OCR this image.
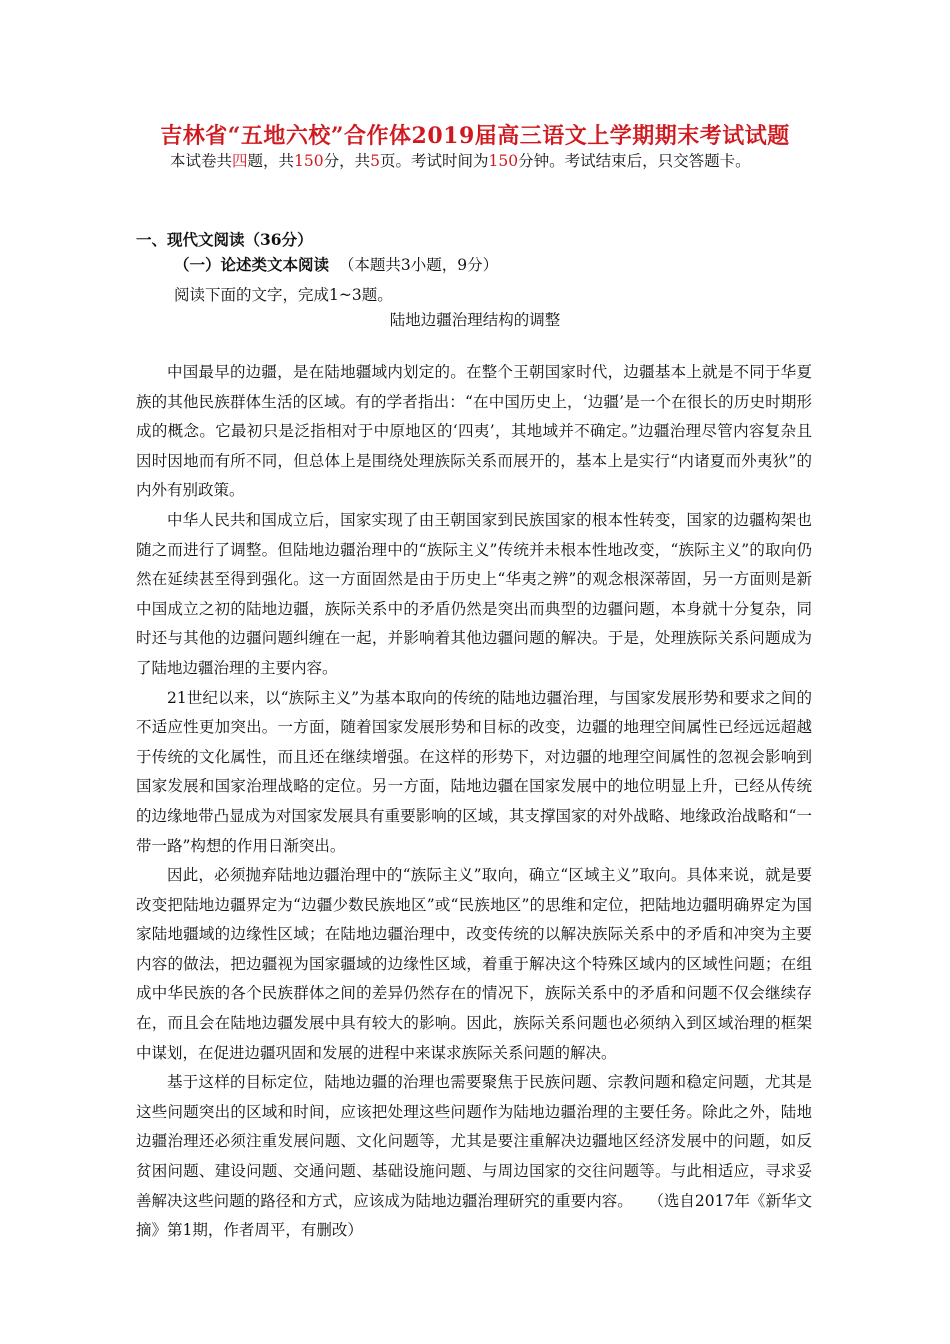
吉林省“五地六校”合作体2019届高三语文上学期期末考试试题
本试卷共四题，共150分，共5页。考试时间为150分钟。考试结束后，只交答题卡。
一、现代文阅读（36分）
（一）论述类文本阅读 （本题共3小题，9分）
阅读下面的文字，完成1~3题。
陆地边疆治理结构的调整

中国最早的边疆，是在陆地疆域内划定的。在整个王朝国家时代，边疆基本上就是不同于华夏族的其他民族群体生活的区域。有的学者指出：“在中国历史上，‘边疆’是一个在很长的历史时期形成的概念。它最初只是泛指相对于中原地区的‘四夷’，其地域并不确定。”边疆治理尽管内容复杂且因时因地而有所不同，但总体上是围绕处理族际关系而展开的，基本上是实行“内诸夏而外夷狄”的内外有别政策。

中华人民共和国成立后，国家实现了由王朝国家到民族国家的根本性转变，国家的边疆构架也随之而进行了调整。但陆地边疆治理中的“族际主义”传统并未根本性地改变，“族际主义”的取向仍然在延续甚至得到强化。这一方面固然是由于历史上“华夷之辨”的观念根深蒂固，另一方面则是新中国成立之初的陆地边疆，族际关系中的矛盾仍然是突出而典型的边疆问题，本身就十分复杂，同时还与其他的边疆问题纠缠在一起，并影响着其他边疆问题的解决。于是，处理族际关系问题成为了陆地边疆治理的主要内容。

21世纪以来，以“族际主义”为基本取向的传统的陆地边疆治理，与国家发展形势和要求之间的不适应性更加突出。一方面，随着国家发展形势和目标的改变，边疆的地理空间属性已经远远超越于传统的文化属性，而且还在继续增强。在这样的形势下，对边疆的地理空间属性的忽视会影响到国家发展和国家治理战略的定位。另一方面，陆地边疆在国家发展中的地位明显上升，已经从传统的边缘地带凸显成为对国家发展具有重要影响的区域，其支撑国家的对外战略、地缘政治战略和“一带一路”构想的作用日渐突出。

因此，必须抛弃陆地边疆治理中的“族际主义”取向，确立“区域主义”取向。具体来说，就是要改变把陆地边疆界定为“边疆少数民族地区”或“民族地区”的思维和定位，把陆地边疆明确界定为国家陆地疆域的边缘性区域；在陆地边疆治理中，改变传统的以解决族际关系中的矛盾和冲突为主要内容的做法，把边疆视为国家疆域的边缘性区域，着重于解决这个特殊区域内的区域性问题；在组成中华民族的各个民族群体之间的差异仍然存在的情况下，族际关系中的矛盾和问题不仅会继续存在，而且会在陆地边疆发展中具有较大的影响。因此，族际关系问题也必须纳入到区域治理的框架中谋划，在促进边疆巩固和发展的进程中来谋求族际关系问题的解决。

基于这样的目标定位，陆地边疆的治理也需要聚焦于民族问题、宗教问题和稳定问题，尤其是这些问题突出的区域和时间，应该把处理这些问题作为陆地边疆治理的主要任务。除此之外，陆地边疆治理还必须注重发展问题、文化问题等，尤其是要注重解决边疆地区经济发展中的问题，如反贫困问题、建设问题、交通问题、基础设施问题、与周边国家的交往问题等。与此相适应，寻求妥善解决这些问题的路径和方式，应该成为陆地边疆治理研究的重要内容。　　（选自2017年《新华文摘》第1期，作者周平，有删改）
